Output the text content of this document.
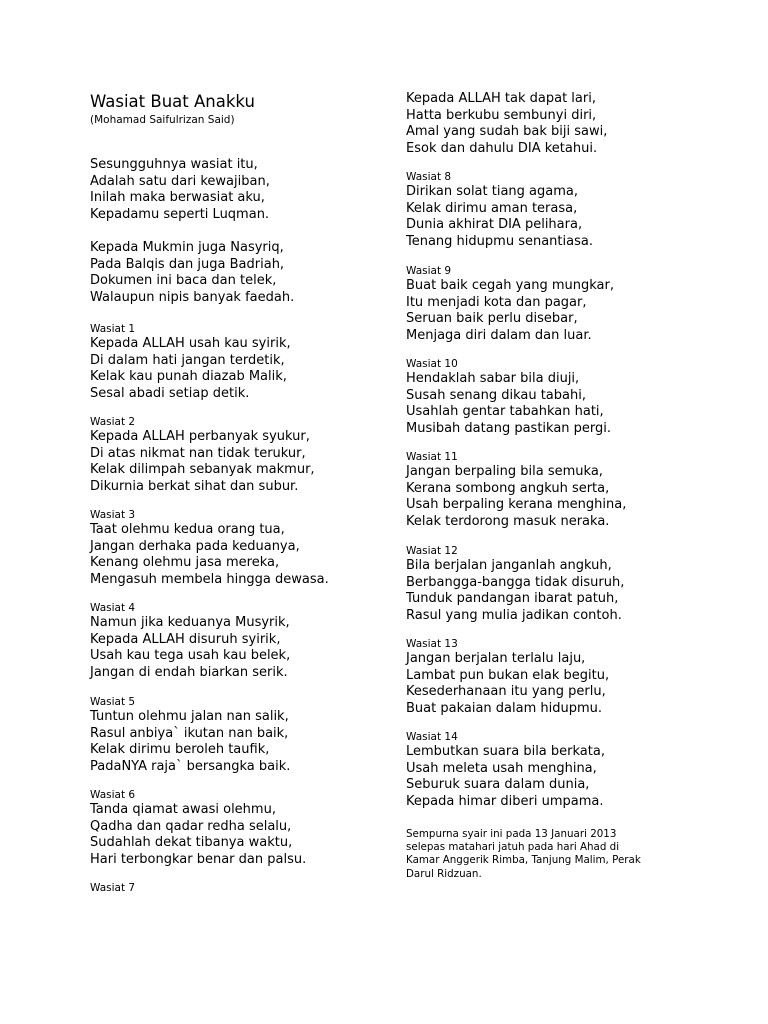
Wasiat Buat Anakku
(Mohamad Saifulrizan Said)
Sesungguhnya wasiat itu,
Adalah satu dari kewajiban,
Inilah maka berwasiat aku,
Kepadamu seperti Luqman.
Kepada Mukmin juga Nasyriq,
Pada Balqis dan juga Badriah,
Dokumen ini baca dan telek,
Walaupun nipis banyak faedah.
Wasiat 1
Kepada ALLAH usah kau syirik,
Di dalam hati jangan terdetik,
Kelak kau punah diazab Malik,
Sesal abadi setiap detik.
Wasiat 2
Kepada ALLAH perbanyak syukur,
Di atas nikmat nan tidak terukur,
Kelak dilimpah sebanyak makmur,
Dikurnia berkat sihat dan subur.
Wasiat 3
Taat olehmu kedua orang tua,
Jangan derhaka pada keduanya,
Kenang olehmu jasa mereka,
Mengasuh membela hingga dewasa.
Wasiat 4
Namun jika keduanya Musyrik,
Kepada ALLAH disuruh syirik,
Usah kau tega usah kau belek,
Jangan di endah biarkan serik.
Wasiat 5
Tuntun olehmu jalan nan salik,
Rasul anbiya` ikutan nan baik,
Kelak dirimu beroleh taufik,
PadaNYA raja` bersangka baik.
Wasiat 6
Tanda qiamat awasi olehmu,
Qadha dan qadar redha selalu,
Sudahlah dekat tibanya waktu,
Hari terbongkar benar dan palsu.
Wasiat 7
Kepada ALLAH tak dapat lari,
Hatta berkubu sembunyi diri,
Amal yang sudah bak biji sawi,
Esok dan dahulu DIA ketahui.
Wasiat 8
Dirikan solat tiang agama,
Kelak dirimu aman terasa,
Dunia akhirat DIA pelihara,
Tenang hidupmu senantiasa.
Wasiat 9
Buat baik cegah yang mungkar,
Itu menjadi kota dan pagar,
Seruan baik perlu disebar,
Menjaga diri dalam dan luar.
Wasiat 10
Hendaklah sabar bila diuji,
Susah senang dikau tabahi,
Usahlah gentar tabahkan hati,
Musibah datang pastikan pergi.
Wasiat 11
Jangan berpaling bila semuka,
Kerana sombong angkuh serta,
Usah berpaling kerana menghina,
Kelak terdorong masuk neraka.
Wasiat 12
Bila berjalan janganlah angkuh,
Berbangga-bangga tidak disuruh,
Tunduk pandangan ibarat patuh,
Rasul yang mulia jadikan contoh.
Wasiat 13
Jangan berjalan terlalu laju,
Lambat pun bukan elak begitu,
Kesederhanaan itu yang perlu,
Buat pakaian dalam hidupmu.
Wasiat 14
Lembutkan suara bila berkata,
Usah meleta usah menghina,
Seburuk suara dalam dunia,
Kepada himar diberi umpama.
Sempurna syair ini pada 13 Januari 2013
selepas matahari jatuh pada hari Ahad di
Kamar Anggerik Rimba, Tanjung Malim, Perak
Darul Ridzuan.
